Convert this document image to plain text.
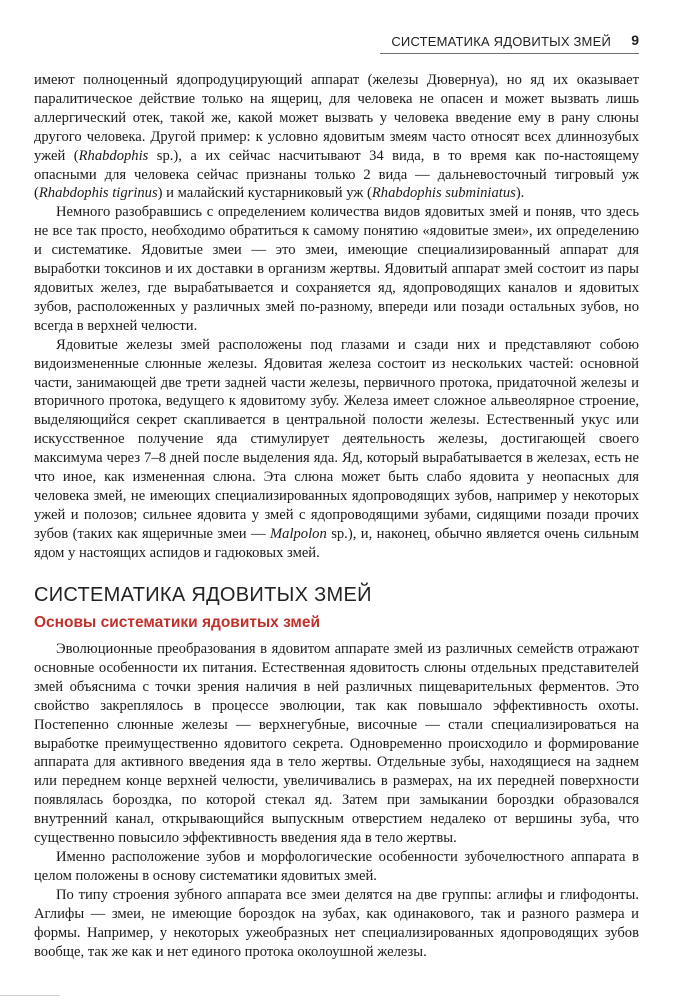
СИСТЕМАТИКА ЯДОВИТЫХ ЗМЕЙ 9

имеют полноценный ядопродуцирующий аппарат (железы Дювернуа), но яд их оказывает паралитическое действие только на ящериц, для человека не опасен и может вызвать лишь аллергический отек, такой же, какой может вызвать у человека введение ему в рану слюны другого человека. Другой пример: к условно ядовитым змеям часто относят всех длиннозубых ужей (Rhabdophis sp.), а их сейчас насчитывают 34 вида, в то время как по-настоящему опасными для человека сейчас признаны только 2 вида — дальневосточный тигровый уж (Rhabdophis tigrinus) и малайский кустарниковый уж (Rhabdophis subminiatus).

Немного разобравшись с определением количества видов ядовитых змей и поняв, что здесь не все так просто, необходимо обратиться к самому понятию «ядовитые змеи», их определению и систематике. Ядовитые змеи — это змеи, имеющие специализированный аппарат для выработки токсинов и их доставки в организм жертвы. Ядовитый аппарат змей состоит из пары ядовитых желез, где вырабатывается и сохраняется яд, ядопроводящих каналов и ядовитых зубов, расположенных у различных змей по-разному, впереди или позади остальных зубов, но всегда в верхней челюсти.

Ядовитые железы змей расположены под глазами и сзади них и представляют собою видоизмененные слюнные железы. Ядовитая железа состоит из нескольких частей: основной части, занимающей две трети задней части железы, первичного протока, придаточной железы и вторичного протока, ведущего к ядовитому зубу. Железа имеет сложное альвеолярное строение, выделяющийся секрет скапливается в центральной полости железы. Естественный укус или искусственное получение яда стимулирует деятельность железы, достигающей своего максимума через 7–8 дней после выделения яда. Яд, который вырабатывается в железах, есть не что иное, как измененная слюна. Эта слюна может быть слабо ядовита у неопасных для человека змей, не имеющих специализированных ядопроводящих зубов, например у некоторых ужей и полозов; сильнее ядовита у змей с ядопроводящими зубами, сидящими позади прочих зубов (таких как ящеричные змеи — Malpolon sp.), и, наконец, обычно является очень сильным ядом у настоящих аспидов и гадюковых змей.

СИСТЕМАТИКА ЯДОВИТЫХ ЗМЕЙ
Основы систематики ядовитых змей

Эволюционные преобразования в ядовитом аппарате змей из различных семейств отражают основные особенности их питания. Естественная ядовитость слюны отдельных представителей змей объяснима с точки зрения наличия в ней различных пищеварительных ферментов. Это свойство закреплялось в процессе эволюции, так как повышало эффективность охоты. Постепенно слюнные железы — верхнегубные, височные — стали специализироваться на выработке преимущественно ядовитого секрета. Одновременно происходило и формирование аппарата для активного введения яда в тело жертвы. Отдельные зубы, находящиеся на заднем или переднем конце верхней челюсти, увеличивались в размерах, на их передней поверхности появлялась бороздка, по которой стекал яд. Затем при замыкании бороздки образовался внутренний канал, открывающийся выпускным отверстием недалеко от вершины зуба, что существенно повысило эффективность введения яда в тело жертвы.

Именно расположение зубов и морфологические особенности зубочелюстного аппарата в целом положены в основу систематики ядовитых змей.

По типу строения зубного аппарата все змеи делятся на две группы: аглифы и глифодонты. Аглифы — змеи, не имеющие бороздок на зубах, как одинакового, так и разного размера и формы. Например, у некоторых ужеобразных нет специализированных ядопроводящих зубов вообще, так же как и нет единого протока околоушной железы.
